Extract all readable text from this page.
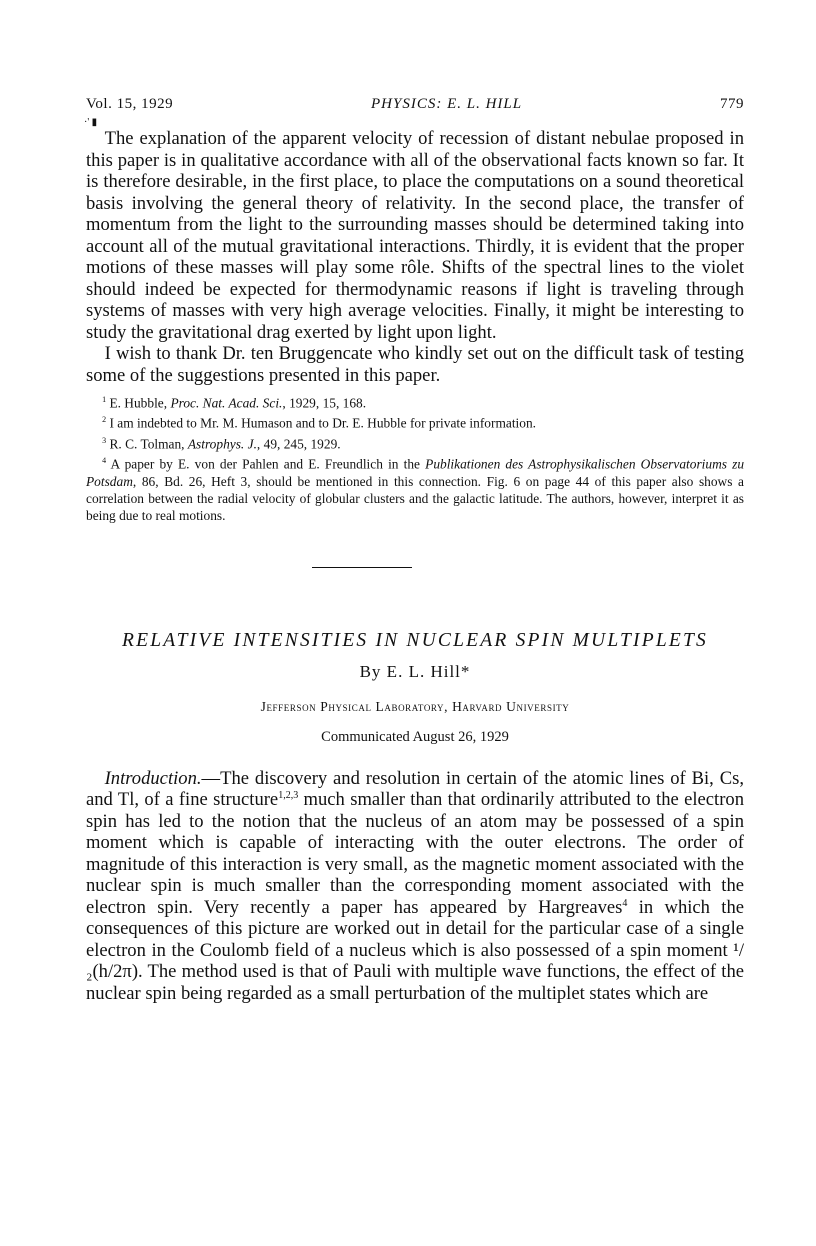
Vol. 15, 1929	PHYSICS: E. L. HILL	779
·' ▮

The explanation of the apparent velocity of recession of distant nebulae proposed in this paper is in qualitative accordance with all of the observational facts known so far. It is therefore desirable, in the first place, to place the computations on a sound theoretical basis involving the general theory of relativity. In the second place, the transfer of momentum from the light to the surrounding masses should be determined taking into account all of the mutual gravitational interactions. Thirdly, it is evident that the proper motions of these masses will play some rôle. Shifts of the spectral lines to the violet should indeed be expected for thermodynamic reasons if light is traveling through systems of masses with very high average velocities. Finally, it might be interesting to study the gravitational drag exerted by light upon light.

I wish to thank Dr. ten Bruggencate who kindly set out on the difficult task of testing some of the suggestions presented in this paper.

$^1$ E. Hubble, Proc. Nat. Acad. Sci., 1929, 15, 168.

$^2$ I am indebted to Mr. M. Humason and to Dr. E. Hubble for private information.

$^3$ R. C. Tolman, Astrophys. J., 49, 245, 1929.

$^4$ A paper by E. von der Pahlen and E. Freundlich in the Publikationen des Astrophysikalischen Observatoriums zu Potsdam, 86, Bd. 26, Heft 3, should be mentioned in this connection. Fig. 6 on page 44 of this paper also shows a correlation between the radial velocity of globular clusters and the galactic latitude. The authors, however, interpret it as being due to real motions.

RELATIVE INTENSITIES IN NUCLEAR SPIN MULTIPLETS
By E. L. Hill*
Jefferson Physical Laboratory, Harvard University
Communicated August 26, 1929

Introduction.—The discovery and resolution in certain of the atomic lines of Bi, Cs, and Tl, of a fine structure$^{1,2,3}$ much smaller than that ordinarily attributed to the electron spin has led to the notion that the nucleus of an atom may be possessed of a spin moment which is capable of interacting with the outer electrons. The order of magnitude of this interaction is very small, as the magnetic moment associated with the nuclear spin is much smaller than the corresponding moment associated with the electron spin. Very recently a paper has appeared by Hargreaves$^4$ in which the consequences of this picture are worked out in detail for the particular case of a single electron in the Coulomb field of a nucleus which is also possessed of a spin moment ¹/₂(h/2π). The method used is that of Pauli with multiple wave functions, the effect of the nuclear spin being regarded as a small perturbation of the multiplet states which are
